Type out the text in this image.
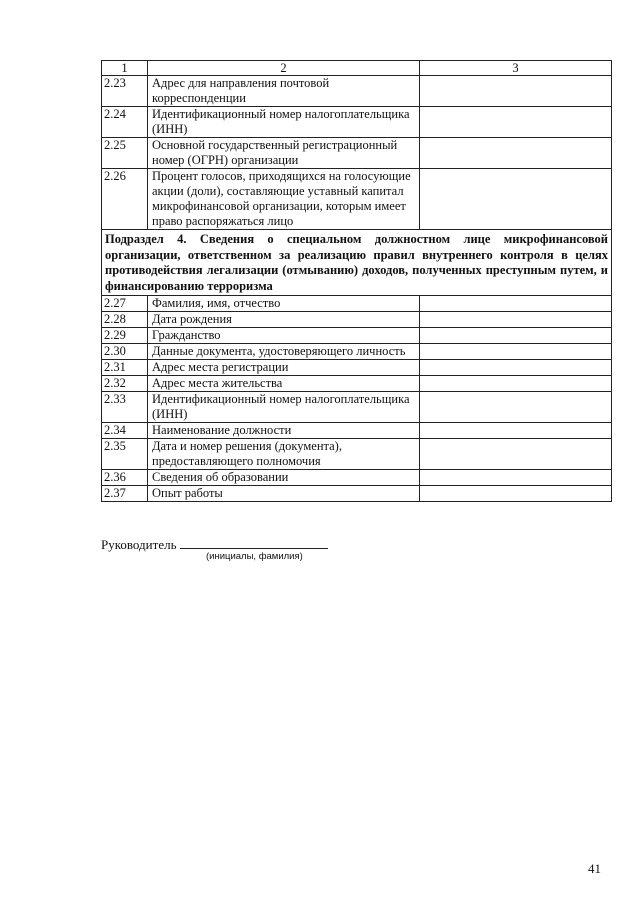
1	2	3
2.23	Адрес для направления почтовой корреспонденции	
2.24	Идентификационный номер налогоплательщика (ИНН)	
2.25	Основной государственный регистрационный номер (ОГРН) организации	
2.26	Процент голосов, приходящихся на голосующие акции (доли), составляющие уставный капитал микрофинансовой организации, которым имеет право распоряжаться лицо	
Подраздел 4. Сведения о специальном должностном лице микрофинансовой организации, ответственном за реализацию правил внутреннего контроля в целях противодействия легализации (отмыванию) доходов, полученных преступным путем, и финансированию терроризма		
2.27	Фамилия, имя, отчество	
2.28	Дата рождения	
2.29	Гражданство	
2.30	Данные документа, удостоверяющего личность	
2.31	Адрес места регистрации	
2.32	Адрес места жительства	
2.33	Идентификационный номер налогоплательщика (ИНН)	
2.34	Наименование должности	
2.35	Дата и номер решения (документа), предоставляющего полномочия	
2.36	Сведения об образовании	
2.37	Опыт работы	
Руководитель
(инициалы, фамилия)
41
